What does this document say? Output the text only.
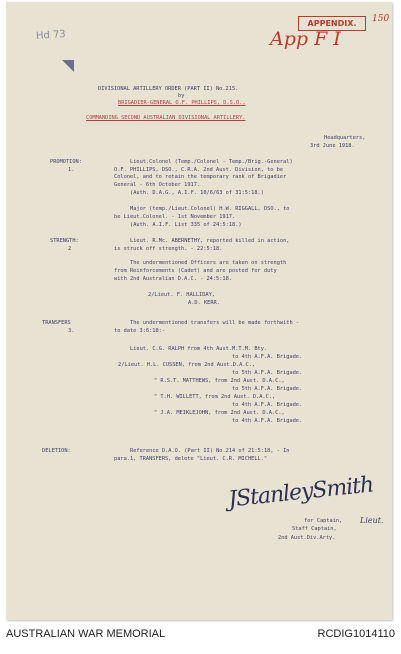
APPENDIX.
App F I
150
Hd 73
DIVISIONAL ARTILLERY ORDER (PART II) No.215.
by
BRIGADIER-GENERAL O.F. PHILLIPS, D.S.O.,
COMMANDING SECOND AUSTRALIAN DIVISIONAL ARTILLERY.
Headquarters,
3rd June 1918.
PROMOTION:
1.
Lieut.Colonel (Temp./Colonel - Temp./Brig.-General)
O.F. PHILLIPS, DSO., C.R.A. 2nd Aust. Division, to be
Colonel, and to retain the temporary rank of Brigadier
General - 6th October 1917.
(Auth. D.A.G., A.I.F. 10/6/63 of 31:5:18.)
Major (temp./Lieut.Colonel) H.W. RIGGALL, DSO., to
be Lieut.Colonel. - 1st November 1917.
(Auth. A.I.F. List 335 of 24:5:18.)
STRENGTH:
2
Lieut. R.Mc. ABERNETHY, reported killed in action,
is struck off strength. - 22:5:18.
The undermentioned Officers are taken on strength
from Reinforcements (Cadet) and are posted for duty
with 2nd Australian D.A.C. - 24:5:18.
2/Lieut. F. HALLIDAY,
A.D. KERR.
TRANSFERS
3.
The undermentioned transfers will be made forthwith -
to date 3:6:18:-
Lieut. C.G. RALPH from 4th Aust.M.T.M. Bty.
to 4th A.F.A. Brigade.
2/Lieut. H.L. CUSSEN, from 2nd Aust.D.A.C.,
to 5th A.F.A. Brigade.
" R.S.T. MATTHEWS, from 2nd Aust. D.A.C.,
to 5th A.F.A. Brigade.
" T.H. WILLETT, from 2nd Aust. D.A.C.,
to 4th A.F.A. Brigade.
" J.A. MEIKLEJOHN, from 2nd Aust. D.A.C.,
to 4th A.F.A. Brigade.
DELETION:	Reference D.A.O. (Part II) No.214 of 21:5:18, - In
para.1, TRANSFERS, delete "Lieut. C.R. MICHELL."
JStanleySmith
Lieut.
for Captain,
Staff Captain,
2nd Aust.Div.Arty.
AUSTRALIAN WAR MEMORIAL	RCDIG1014110
